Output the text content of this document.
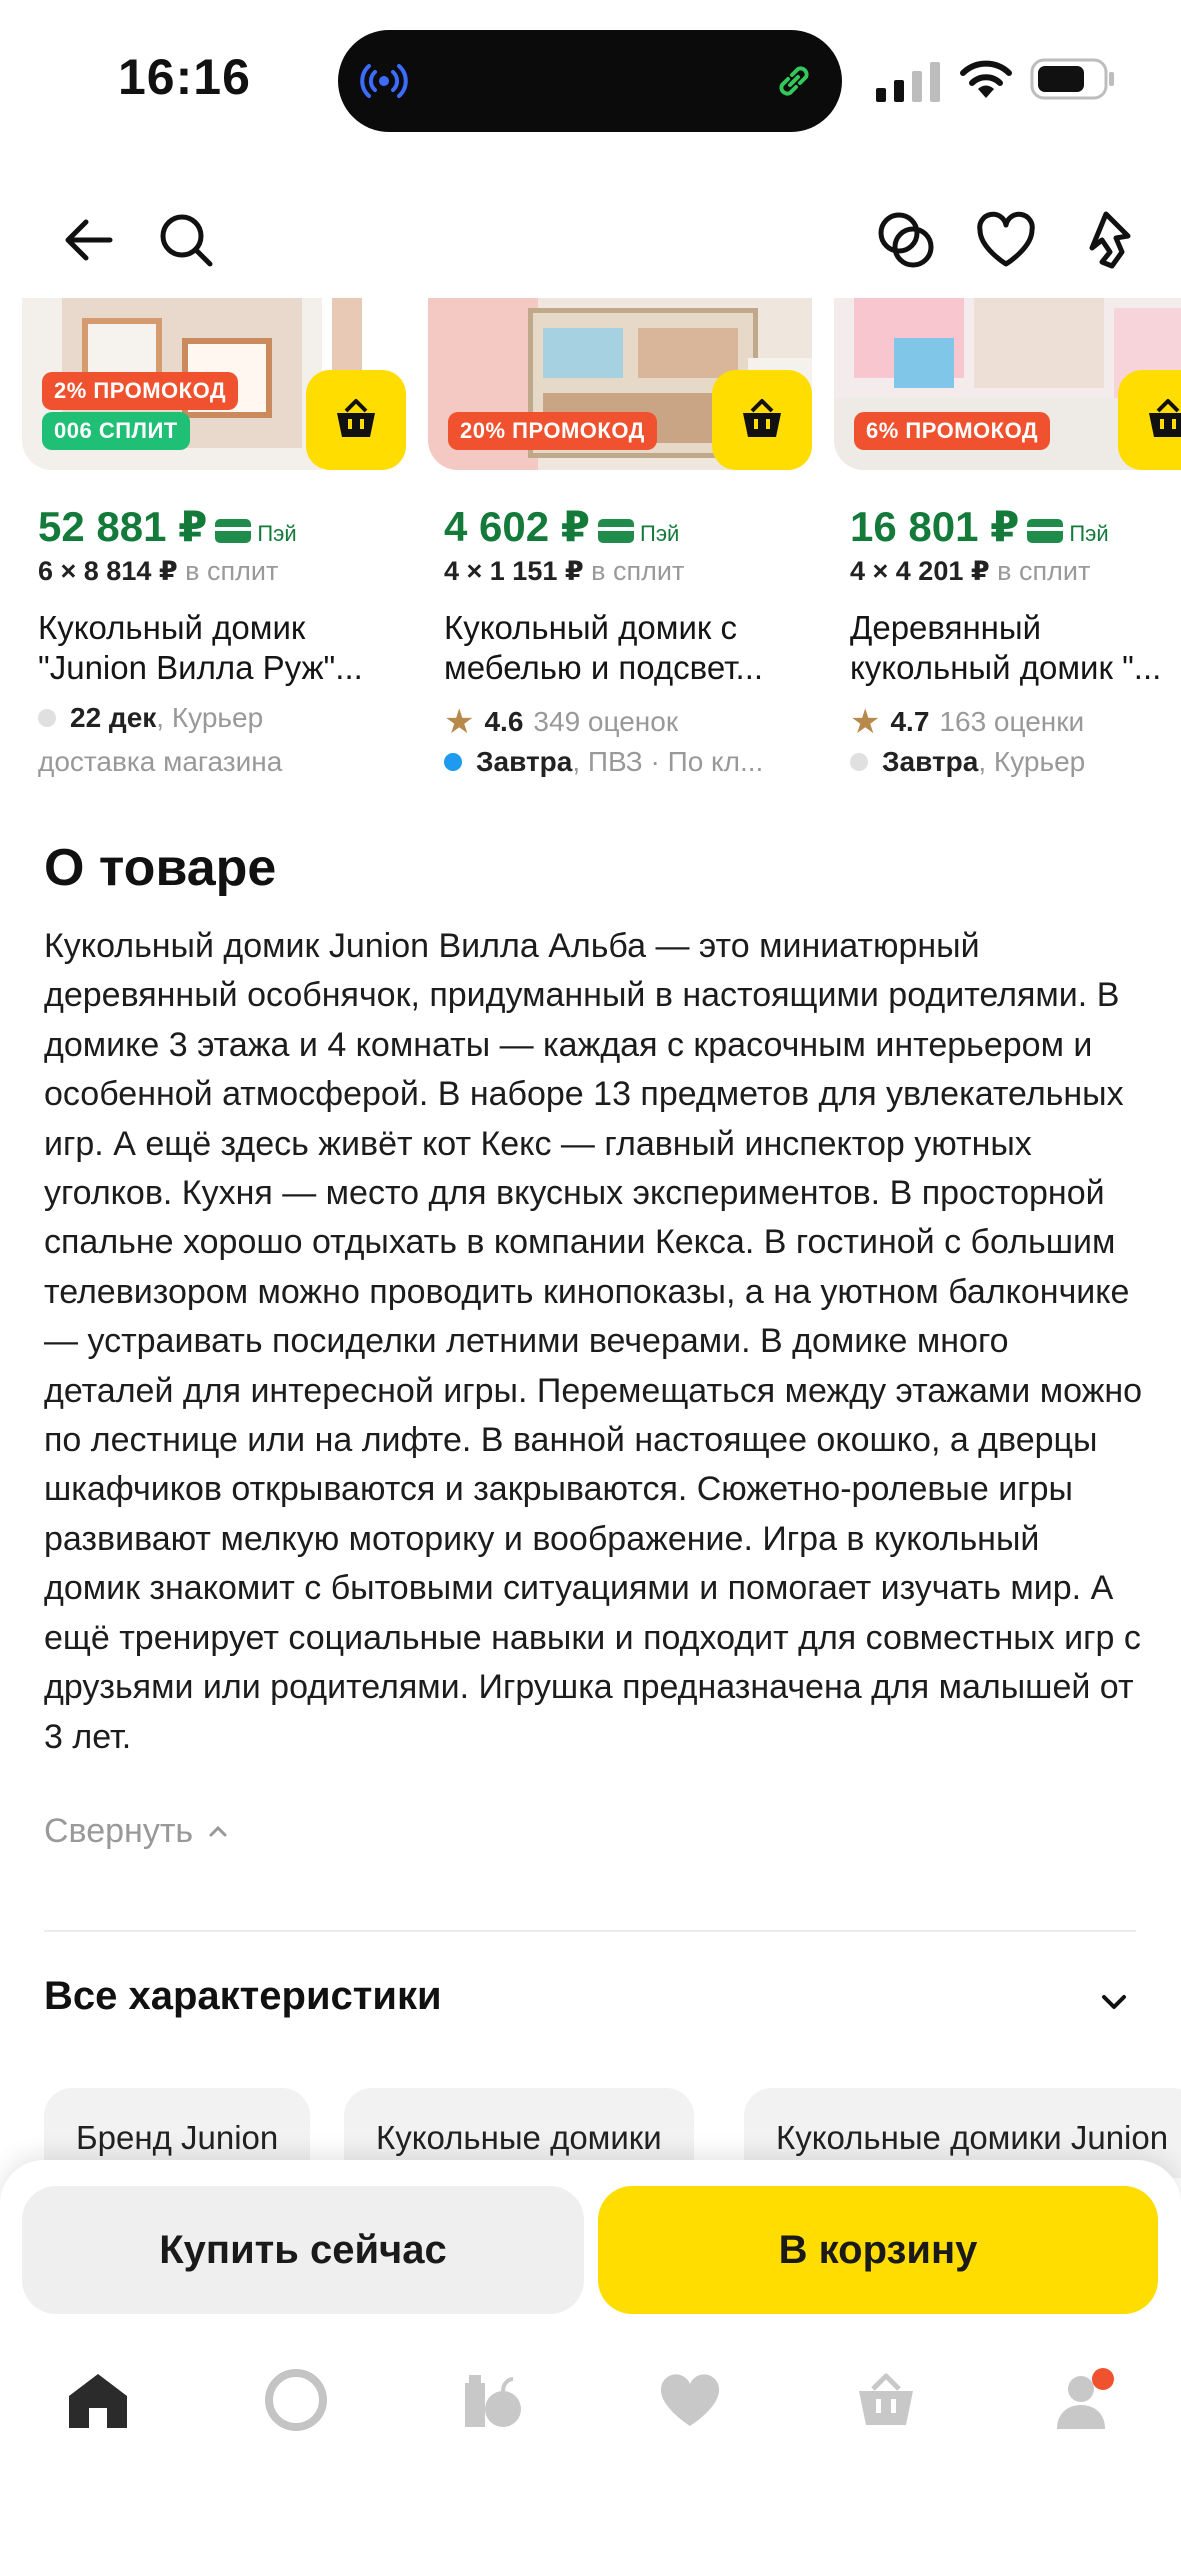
16:16
2% ПРОМОКОД
006 СПЛИТ
52 881 ₽ Пэй
6 × 8 814 ₽ в сплит
Кукольный домик "Junion Вилла Руж"...
22 дек , Курьер
доставка магазина
20% ПРОМОКОД
4 602 ₽ Пэй
4 × 1 151 ₽ в сплит
Кукольный домик с мебелью и подсвет...
★ 4.6 349 оценок
Завтра , ПВЗ · По кл...
6% ПРОМОКОД
16 801 ₽ Пэй
4 × 4 201 ₽ в сплит
Деревянный кукольный домик "...
★ 4.7 163 оценки
Завтра , Курьер
О товаре
Кукольный домик Junion Вилла Альба — это миниатюрный деревянный особнячок, придуманный в настоящими родителями. В домике 3 этажа и 4 комнаты — каждая с красочным интерьером и особенной атмосферой. В наборе 13 предметов для увлекательных игр. А ещё здесь живёт кот Кекс — главный инспектор уютных уголков. Кухня — место для вкусных экспериментов. В просторной спальне хорошо отдыхать в компании Кекса. В гостиной с большим телевизором можно проводить кинопоказы, а на уютном балкончике — устраивать посиделки летними вечерами. В домике много деталей для интересной игры. Перемещаться между этажами можно по лестнице или на лифте. В ванной настоящее окошко, а дверцы шкафчиков открываются и закрываются. Сюжетно-ролевые игры развивают мелкую моторику и воображение. Игра в кукольный домик знакомит с бытовыми ситуациями и помогает изучать мир. А ещё тренирует социальные навыки и подходит для совместных игр с друзьями или родителями. Игрушка предназначена для малышей от 3 лет.
Свернуть
Все характеристики
Бренд Junion	Кукольные домики	Кукольные домики Junion
Купить сейчас	В корзину
